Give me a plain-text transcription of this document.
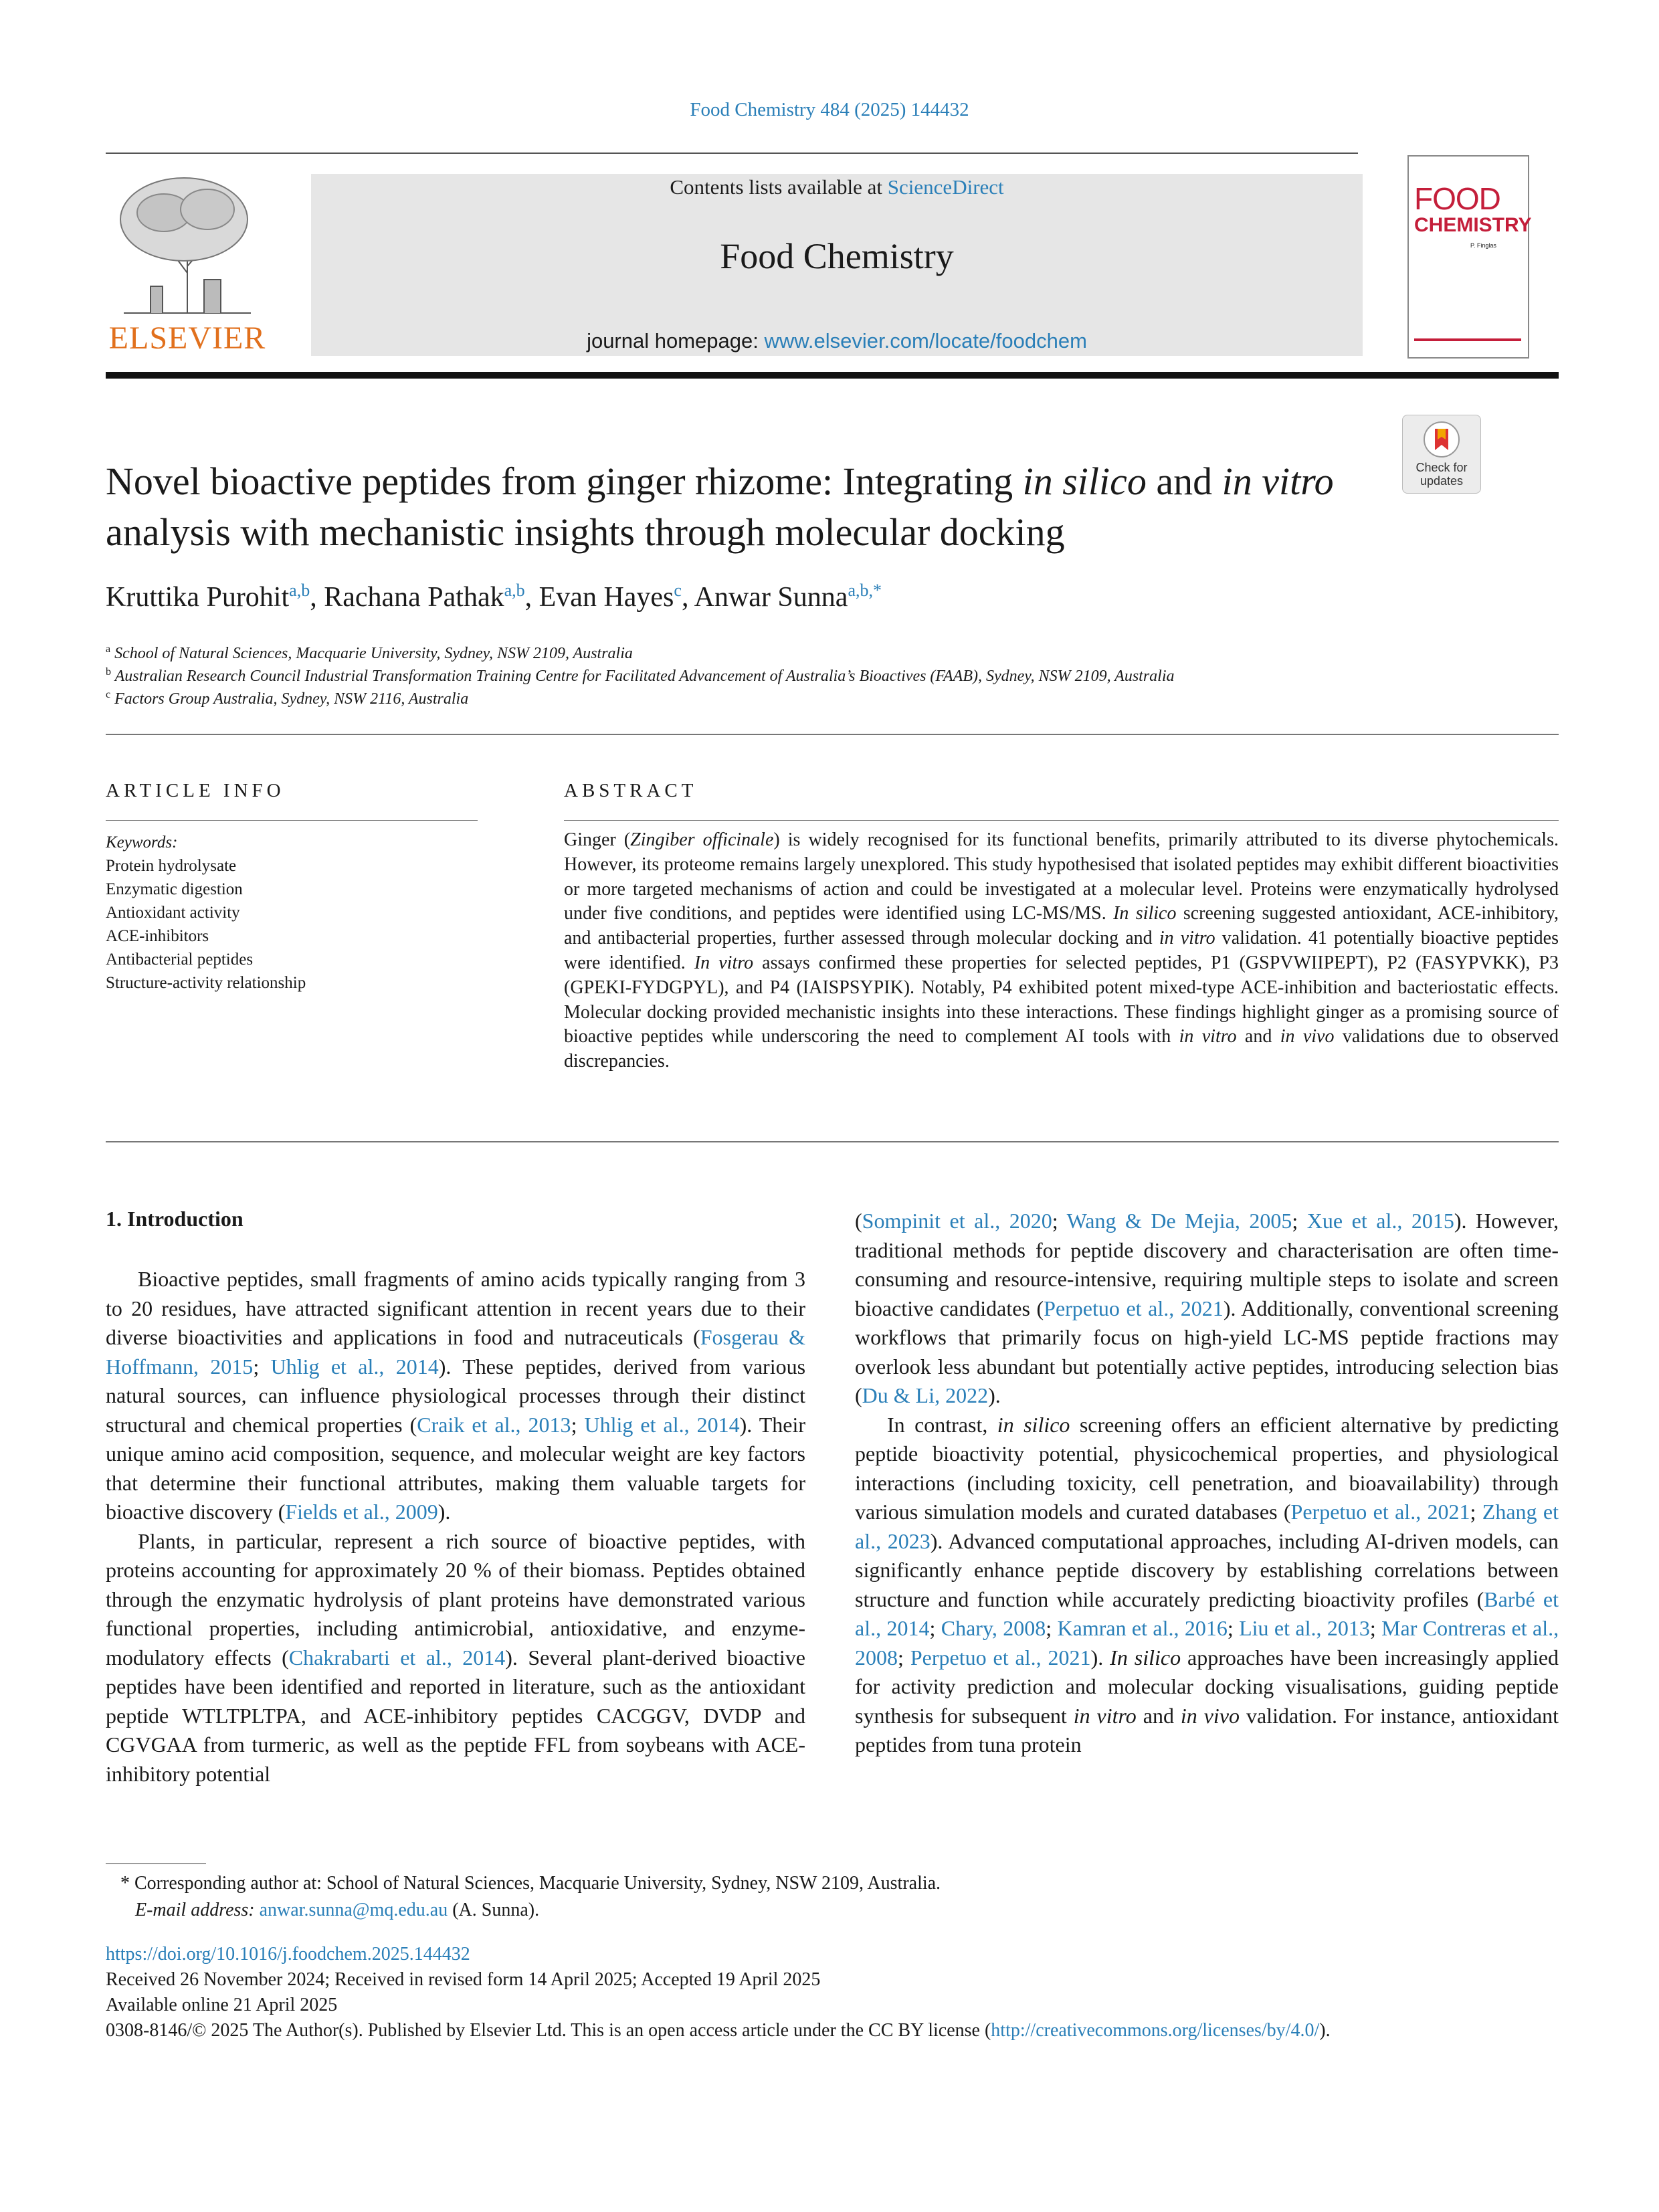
Food Chemistry 484 (2025) 144432
ELSEVIER
Contents lists available at ScienceDirect
Food Chemistry
journal homepage: www.elsevier.com/locate/foodchem
FOOD
CHEMISTRY
P. Finglas
Check for updates
Novel bioactive peptides from ginger rhizome: Integrating in silico and in vitro analysis with mechanistic insights through molecular docking
Kruttika Purohit$^{a,b}$, Rachana Pathak$^{a,b}$, Evan Hayes$^c$, Anwar Sunna$^{a,b,*}$
$^a$ School of Natural Sciences, Macquarie University, Sydney, NSW 2109, Australia
$^b$ Australian Research Council Industrial Transformation Training Centre for Facilitated Advancement of Australia’s Bioactives (FAAB), Sydney, NSW 2109, Australia
$^c$ Factors Group Australia, Sydney, NSW 2116, Australia
ARTICLE INFO
Keywords:
Protein hydrolysate
Enzymatic digestion
Antioxidant activity
ACE-inhibitors
Antibacterial peptides
Structure-activity relationship
ABSTRACT
Ginger (Zingiber officinale) is widely recognised for its functional benefits, primarily attributed to its diverse phytochemicals. However, its proteome remains largely unexplored. This study hypothesised that isolated peptides may exhibit different bioactivities or more targeted mechanisms of action and could be investigated at a molecular level. Proteins were enzymatically hydrolysed under five conditions, and peptides were identified using LC-MS/MS. In silico screening suggested antioxidant, ACE-inhibitory, and antibacterial properties, further assessed through molecular docking and in vitro validation. 41 potentially bioactive peptides were identified. In vitro assays confirmed these properties for selected peptides, P1 (GSPVWIIPEPT), P2 (FASYPVKK), P3 (GPEKI-FYDGPYL), and P4 (IAISPSYPIK). Notably, P4 exhibited potent mixed-type ACE-inhibition and bacteriostatic effects. Molecular docking provided mechanistic insights into these interactions. These findings highlight ginger as a promising source of bioactive peptides while underscoring the need to complement AI tools with in vitro and in vivo validations due to observed discrepancies.
1. Introduction

Bioactive peptides, small fragments of amino acids typically ranging from 3 to 20 residues, have attracted significant attention in recent years due to their diverse bioactivities and applications in food and nutraceuticals (Fosgerau & Hoffmann, 2015; Uhlig et al., 2014). These peptides, derived from various natural sources, can influence physiological processes through their distinct structural and chemical properties (Craik et al., 2013; Uhlig et al., 2014). Their unique amino acid composition, sequence, and molecular weight are key factors that determine their functional attributes, making them valuable targets for bioactive discovery (Fields et al., 2009).

Plants, in particular, represent a rich source of bioactive peptides, with proteins accounting for approximately 20 % of their biomass. Peptides obtained through the enzymatic hydrolysis of plant proteins have demonstrated various functional properties, including antimicrobial, antioxidative, and enzyme-modulatory effects (Chakrabarti et al., 2014). Several plant-derived bioactive peptides have been identified and reported in literature, such as the antioxidant peptide WTLTPLTPA, and ACE-inhibitory peptides CACGGV, DVDP and CGVGAA from turmeric, as well as the peptide FFL from soybeans with ACE-inhibitory potential

(Sompinit et al., 2020; Wang & De Mejia, 2005; Xue et al., 2015). However, traditional methods for peptide discovery and characterisation are often time-consuming and resource-intensive, requiring multiple steps to isolate and screen bioactive candidates (Perpetuo et al., 2021). Additionally, conventional screening workflows that primarily focus on high-yield LC-MS peptide fractions may overlook less abundant but potentially active peptides, introducing selection bias (Du & Li, 2022).

In contrast, in silico screening offers an efficient alternative by predicting peptide bioactivity potential, physicochemical properties, and physiological interactions (including toxicity, cell penetration, and bioavailability) through various simulation models and curated databases (Perpetuo et al., 2021; Zhang et al., 2023). Advanced computational approaches, including AI-driven models, can significantly enhance peptide discovery by establishing correlations between structure and function while accurately predicting bioactivity profiles (Barbé et al., 2014; Chary, 2008; Kamran et al., 2016; Liu et al., 2013; Mar Contreras et al., 2008; Perpetuo et al., 2021). In silico approaches have been increasingly applied for activity prediction and molecular docking visualisations, guiding peptide synthesis for subsequent in vitro and in vivo validation. For instance, antioxidant peptides from tuna protein

* Corresponding author at: School of Natural Sciences, Macquarie University, Sydney, NSW 2109, Australia.
E-mail address: anwar.sunna@mq.edu.au (A. Sunna).
https://doi.org/10.1016/j.foodchem.2025.144432
Received 26 November 2024; Received in revised form 14 April 2025; Accepted 19 April 2025
Available online 21 April 2025
0308-8146/© 2025 The Author(s). Published by Elsevier Ltd. This is an open access article under the CC BY license (http://creativecommons.org/licenses/by/4.0/).
